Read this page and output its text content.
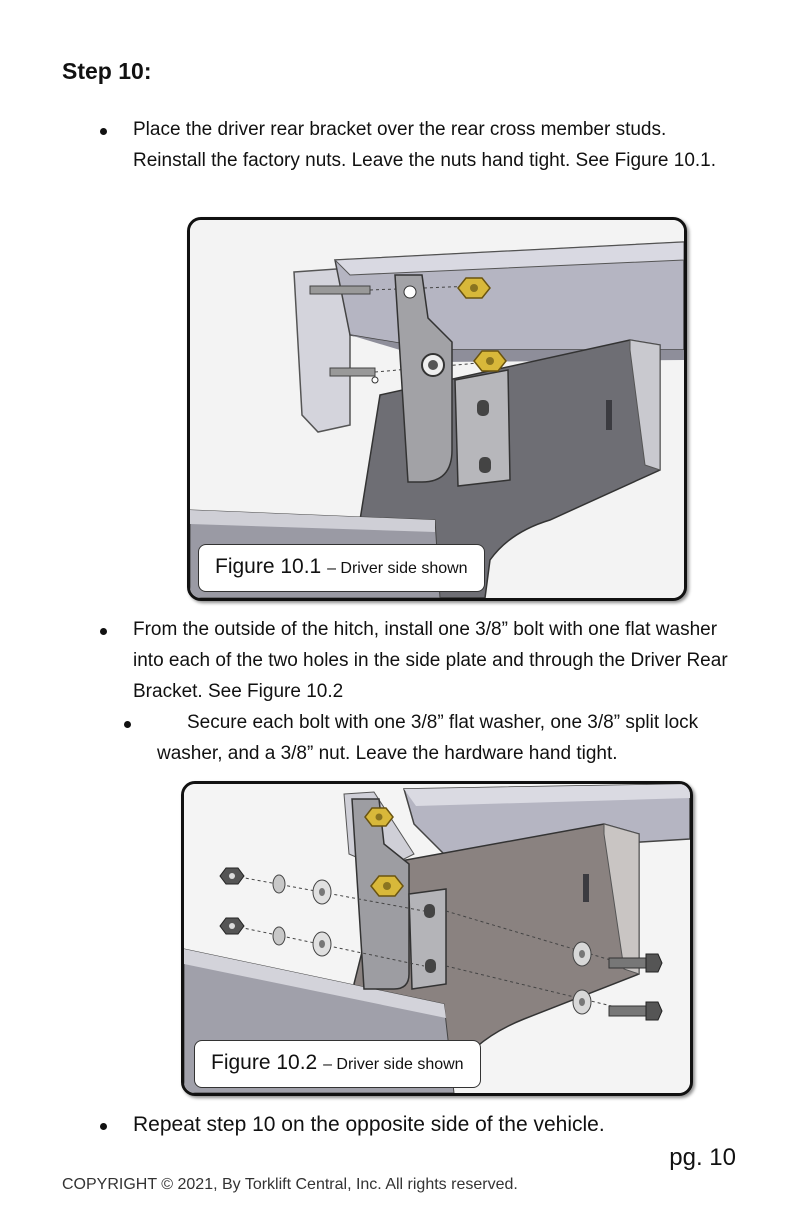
Step 10:
Place the driver rear bracket over the rear cross member studs. Reinstall the factory nuts. Leave the nuts hand tight. See Figure 10.1.
Figure 10.1 – Driver side shown
From the outside of the hitch, install one 3/8” bolt with one flat washer into each of the two holes in the side plate and through the Driver Rear Bracket. See Figure 10.2
Secure each bolt with one 3/8” flat washer, one 3/8” split lock washer, and a 3/8” nut. Leave the hardware hand tight.
Figure 10.2 – Driver side shown
Repeat step 10 on the opposite side of the vehicle.
pg. 10
COPYRIGHT © 2021, By Torklift Central, Inc. All rights reserved.
